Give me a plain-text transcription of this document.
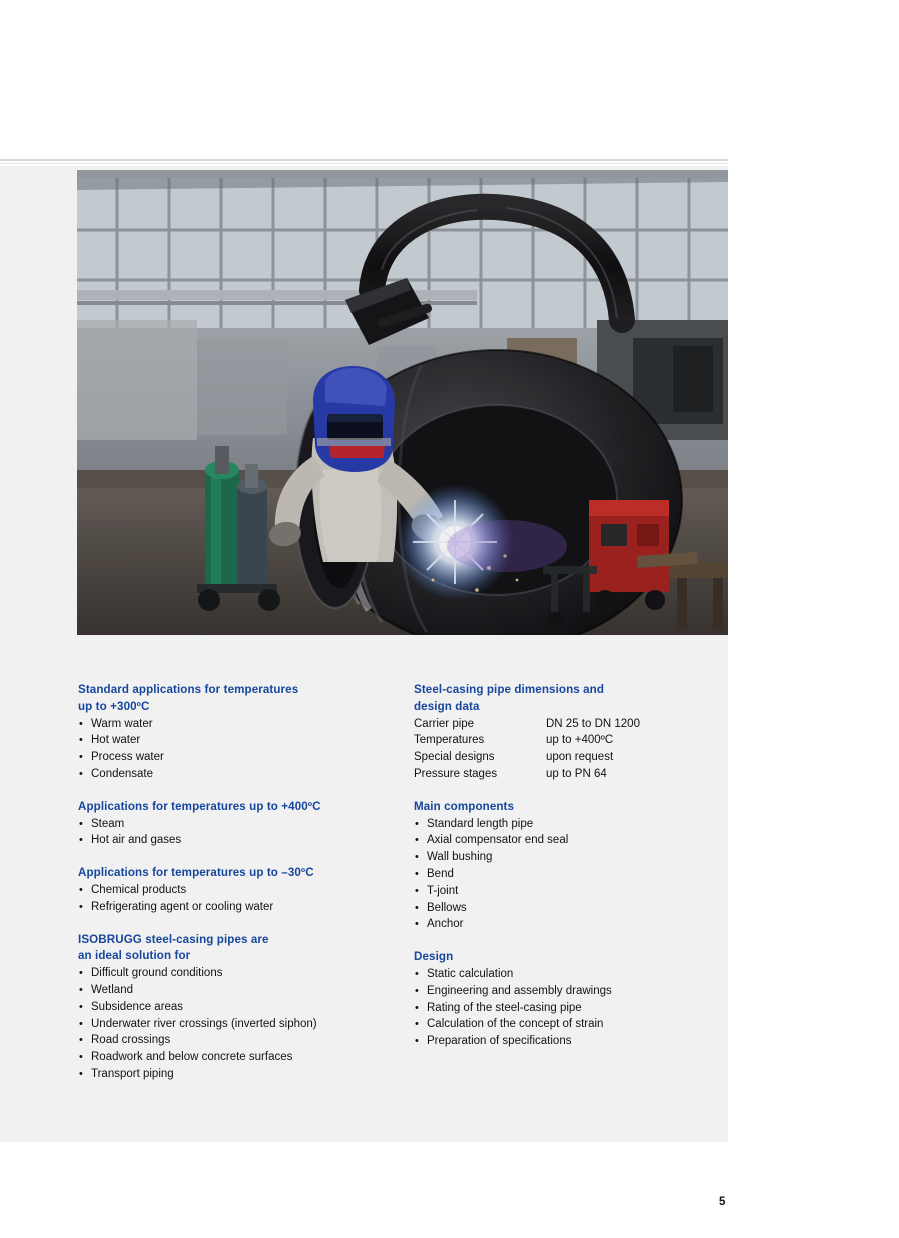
Standard applications for temperatures
up to +300ºC
• Warm water
• Hot water
• Process water
• Condensate
Applications for temperatures up to +400ºC
• Steam
• Hot air and gases
Applications for temperatures up to –30ºC
• Chemical products
• Refrigerating agent or cooling water
ISOBRUGG steel-casing pipes are
an ideal solution for
• Difficult ground conditions
• Wetland
• Subsidence areas
• Underwater river crossings (inverted siphon)
• Road crossings
• Roadwork and below concrete surfaces
• Transport piping
Steel-casing pipe dimensions and
design data
Carrier pipe	DN 25 to DN 1200
Temperatures	up to +400ºC
Special designs	upon request
Pressure stages	up to PN 64
Main components
• Standard length pipe
• Axial compensator end seal
• Wall bushing
• Bend
• T-joint
• Bellows
• Anchor
Design
• Static calculation
• Engineering and assembly drawings
• Rating of the steel-casing pipe
• Calculation of the concept of strain
• Preparation of specifications
5
